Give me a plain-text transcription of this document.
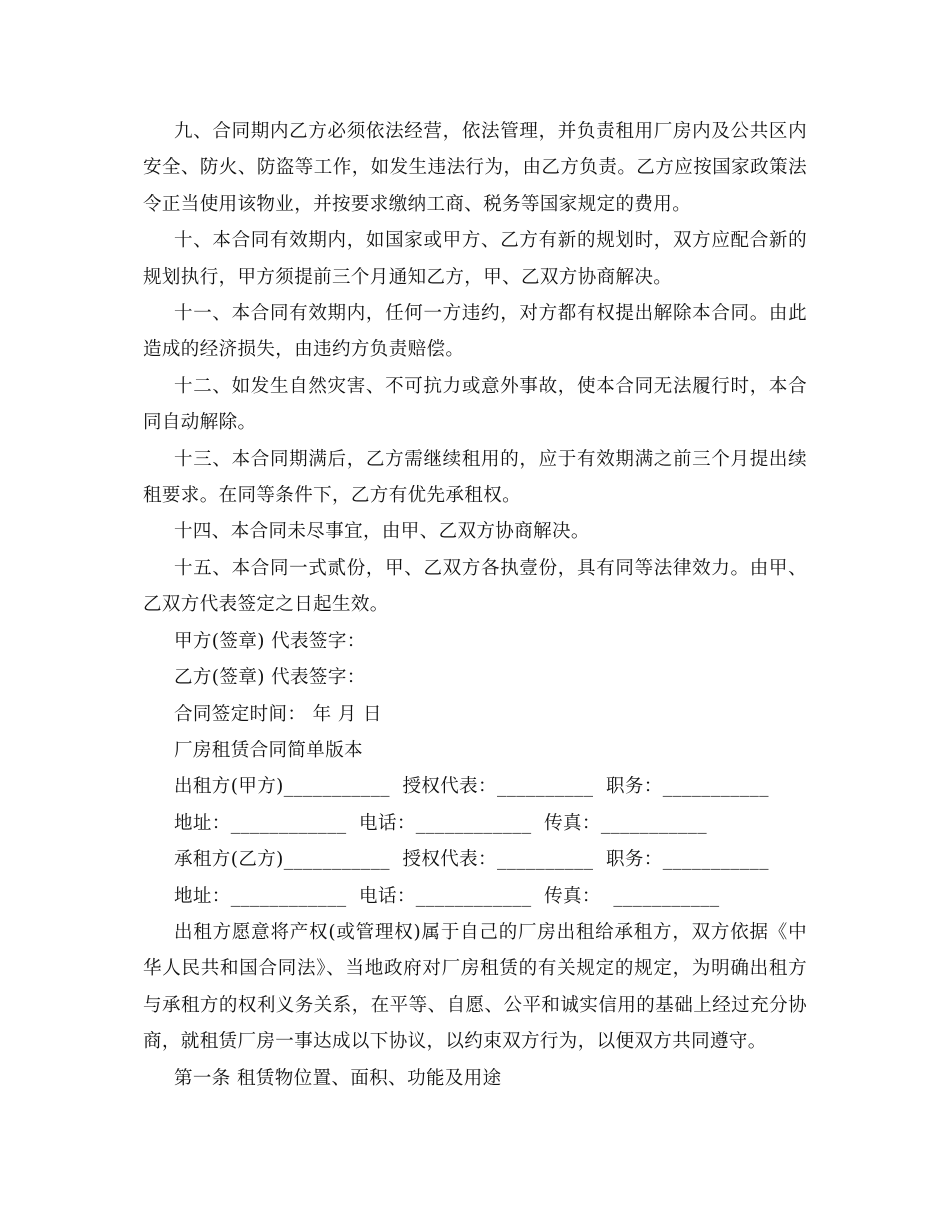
九、合同期内乙方必须依法经营，依法管理，并负责租用厂房内及公共区内安全、防火、防盗等工作，如发生违法行为，由乙方负责。乙方应按国家政策法令正当使用该物业，并按要求缴纳工商、税务等国家规定的费用。

十、本合同有效期内，如国家或甲方、乙方有新的规划时，双方应配合新的规划执行，甲方须提前三个月通知乙方，甲、乙双方协商解决。

十一、本合同有效期内，任何一方违约，对方都有权提出解除本合同。由此造成的经济损失，由违约方负责赔偿。

十二、如发生自然灾害、不可抗力或意外事故，使本合同无法履行时，本合同自动解除。

十三、本合同期满后，乙方需继续租用的，应于有效期满之前三个月提出续租要求。在同等条件下，乙方有优先承租权。

十四、本合同未尽事宜，由甲、乙双方协商解决。

十五、本合同一式贰份，甲、乙双方各执壹份，具有同等法律效力。由甲、乙双方代表签定之日起生效。

甲方(签章) 代表签字：

乙方(签章) 代表签字：

合同签定时间： 年 月 日

厂房租赁合同简单版本

出租方(甲方)___________  授权代表：__________  职务：___________

地址：____________  电话：____________  传真：___________

承租方(乙方)___________  授权代表：__________  职务：___________

地址：____________  电话：____________  传真：  ___________

出租方愿意将产权(或管理权)属于自己的厂房出租给承租方，双方依据《中华人民共和国合同法》、当地政府对厂房租赁的有关规定的规定，为明确出租方与承租方的权利义务关系，在平等、自愿、公平和诚实信用的基础上经过充分协商，就租赁厂房一事达成以下协议，以约束双方行为，以便双方共同遵守。

第一条 租赁物位置、面积、功能及用途
